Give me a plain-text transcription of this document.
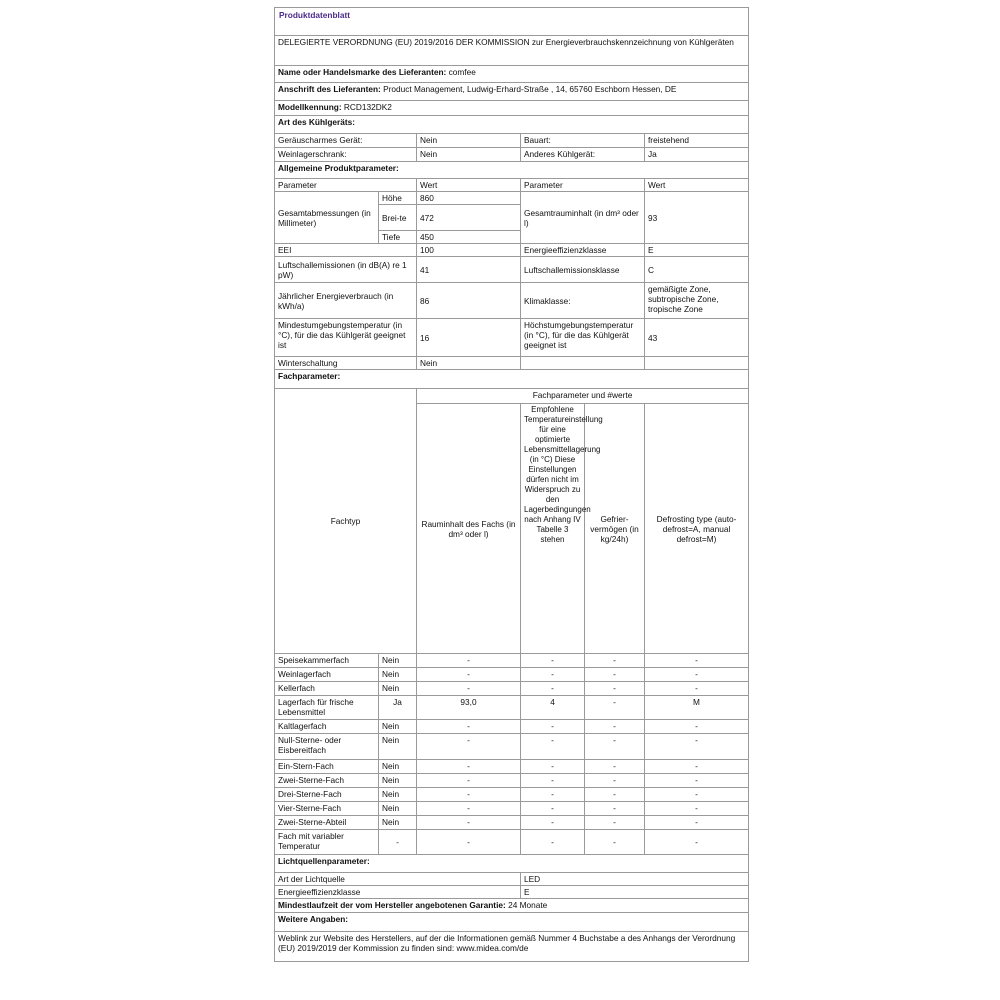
Produktdatenblatt					
DELEGIERTE VERORDNUNG (EU) 2019/2016 DER KOMMISSION zur Energieverbrauchskennzeichnung von Kühlgeräten					
Name oder Handelsmarke des Lieferanten: comfee					
Anschrift des Lieferanten: Product Management, Ludwig-Erhard-Straße , 14, 65760 Eschborn Hessen, DE					
Modellkennung: RCD132DK2					
Art des Kühlgeräts:					
Geräuscharmes Gerät:		Nein	Bauart:		freistehend
Weinlagerschrank:		Nein	Anderes Kühlgerät:		Ja
Allgemeine Produktparameter:					
Parameter		Wert	Parameter		Wert
Gesamtabmessungen (in Millimeter)	Höhe	860	Gesamtrauminhalt (in dm³ oder l)		93
	Brei-te	472			
	Tiefe	450			
EEI		100	Energieeffizienzklasse		E
Luftschallemissionen (in dB(A) re 1 pW)		41	Luftschallemissionsklasse		C
Jährlicher Energieverbrauch (in kWh/a)		86	Klimaklasse:		gemäßigte Zone, subtropische Zone, tropische Zone
Mindestumgebungstemperatur (in °C), für die das Kühlgerät geeignet ist		16	Höchstumgebungstemperatur (in °C), für die das Kühlgerät geeignet ist		43
Winterschaltung		Nein			
Fachparameter:					
Fachtyp		Fachparameter und #werte			
		Rauminhalt des Fachs (in dm³ oder l)	Empfohlene Temperatureinstellung für eine optimierte Lebensmittellagerung (in °C) Diese Einstellungen dürfen nicht im Widerspruch zu den Lagerbedingungen nach Anhang IV Tabelle 3 stehen	Gefriervermögen (in kg/24h)	Defrosting type (auto-defrost=A, manual defrost=M)
Speisekammerfach	Nein	-	-	-	-
Weinlagerfach	Nein	-	-	-	-
Kellerfach	Nein	-	-	-	-
Lagerfach für frische Lebensmittel	Ja	93,0	4	-	M
Kaltlagerfach	Nein	-	-	-	-
Null-Sterne- oder Eisbereitfach	Nein	-	-	-	-
Ein-Stern-Fach	Nein	-	-	-	-
Zwei-Sterne-Fach	Nein	-	-	-	-
Drei-Sterne-Fach	Nein	-	-	-	-
Vier-Sterne-Fach	Nein	-	-	-	-
Zwei-Sterne-Abteil	Nein	-	-	-	-
Fach mit variabler Temperatur	-	-	-	-	-
Lichtquellenparameter:					
Art der Lichtquelle			LED		
Energieeffizienzklasse			E		
Mindestlaufzeit der vom Hersteller angebotenen Garantie: 24 Monate					
Weitere Angaben:					
Weblink zur Website des Herstellers, auf der die Informationen gemäß Nummer 4 Buchstabe a des Anhangs der Verordnung (EU) 2019/2019 der Kommission zu finden sind: www.midea.com/de					
